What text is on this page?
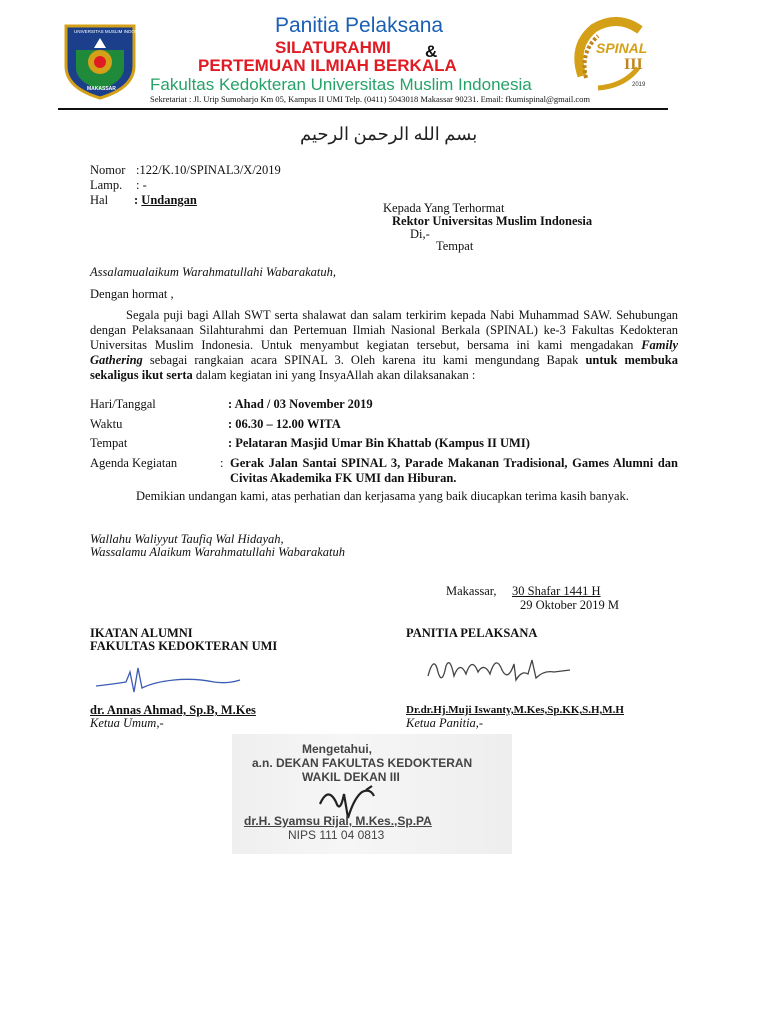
UNIVERSITAS MUSLIM INDONESIA
MAKASSAR
Panitia Pelaksana
SILATURAHMI &
PERTEMUAN ILMIAH BERKALA
Fakultas Kedokteran Universitas Muslim Indonesia
SPINAL
III
2019
Sekretariat : Jl. Urip Sumoharjo Km 05, Kampus II UMI Telp. (0411) 5043018 Makassar 90231. Email: fkumispinal@gmail.com
بسم الله الرحمن الرحيم
Nomor :122/K.10/SPINAL3/X/2019
Lamp. : -
Hal : Undangan
Kepada Yang Terhormat
Rektor Universitas Muslim Indonesia
Di,-
Tempat
Assalamualaikum Warahmatullahi Wabarakatuh,
Dengan hormat ,
Segala puji bagi Allah SWT serta shalawat dan salam terkirim kepada Nabi Muhammad SAW. Sehubungan dengan Pelaksanaan Silahturahmi dan Pertemuan Ilmiah Nasional Berkala (SPINAL) ke-3 Fakultas Kedokteran Universitas Muslim Indonesia. Untuk menyambut kegiatan tersebut, bersama ini kami mengadakan Family Gathering sebagai rangkaian acara SPINAL 3. Oleh karena itu kami mengundang Bapak untuk membuka sekaligus ikut serta dalam kegiatan ini yang InsyaAllah akan dilaksanakan :
Hari/Tanggal	: Ahad / 03 November 2019
Waktu	: 06.30 – 12.00 WITA
Tempat	: Pelataran Masjid Umar Bin Khattab (Kampus II UMI)
Agenda Kegiatan	: Gerak Jalan Santai SPINAL 3, Parade Makanan Tradisional, Games Alumni dan Civitas Akademika FK UMI dan Hiburan.
Demikian undangan kami, atas perhatian dan kerjasama yang baik diucapkan terima kasih banyak.
Wallahu Waliyyut Taufiq Wal Hidayah,
Wassalamu Alaikum Warahmatullahi Wabarakatuh
Makassar, 30 Shafar 1441 H
29 Oktober 2019 M
IKATAN ALUMNI
FAKULTAS KEDOKTERAN UMI
dr. Annas Ahmad, Sp.B, M.Kes
Ketua Umum,-
PANITIA PELAKSANA
Dr.dr.Hj.Muji Iswanty,M.Kes,Sp.KK,S.H,M.H
Ketua Panitia,-
Mengetahui,
a.n. DEKAN FAKULTAS KEDOKTERAN
WAKIL DEKAN III
dr.H. Syamsu Rijal, M.Kes.,Sp.PA
NIPS 111 04 0813
